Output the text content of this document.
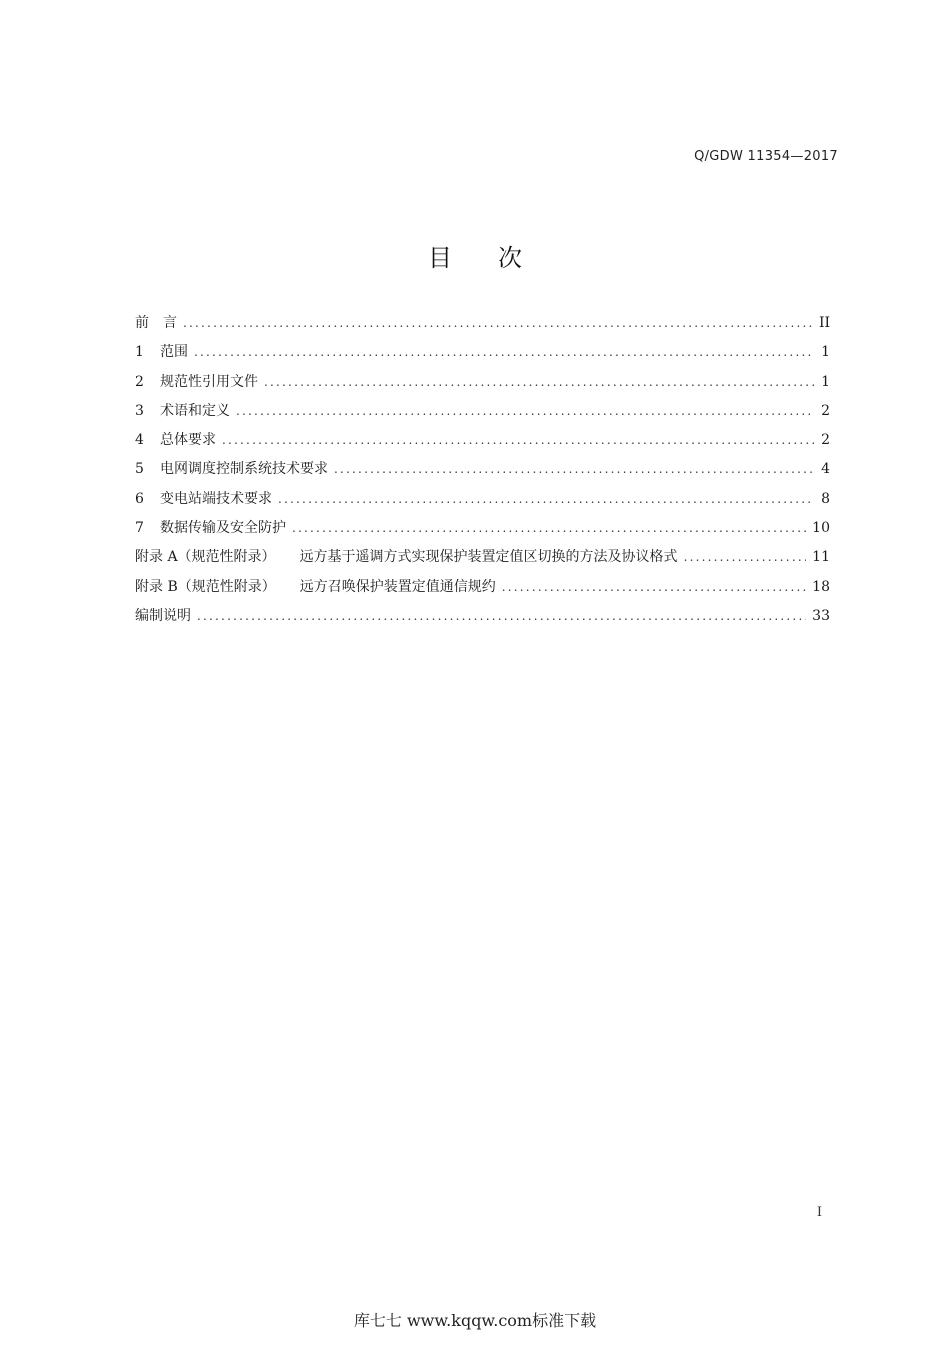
Q/GDW 11354—2017
目次
前　言 .....	II
1	范围 .....	1
2	规范性引用文件 .....	1
3	术语和定义 .....	2
4	总体要求 .....	2
5	电网调度控制系统技术要求 .....	4
6	变电站端技术要求 .....	8
7	数据传输及安全防护 .....	10
附录 A（规范性附录） 远方基于遥调方式实现保护装置定值区切换的方法及协议格式 .....	11
附录 B（规范性附录） 远方召唤保护装置定值通信规约 .....	18
编制说明 .....	33
I
库七七 www.kqqw.com标准下载
